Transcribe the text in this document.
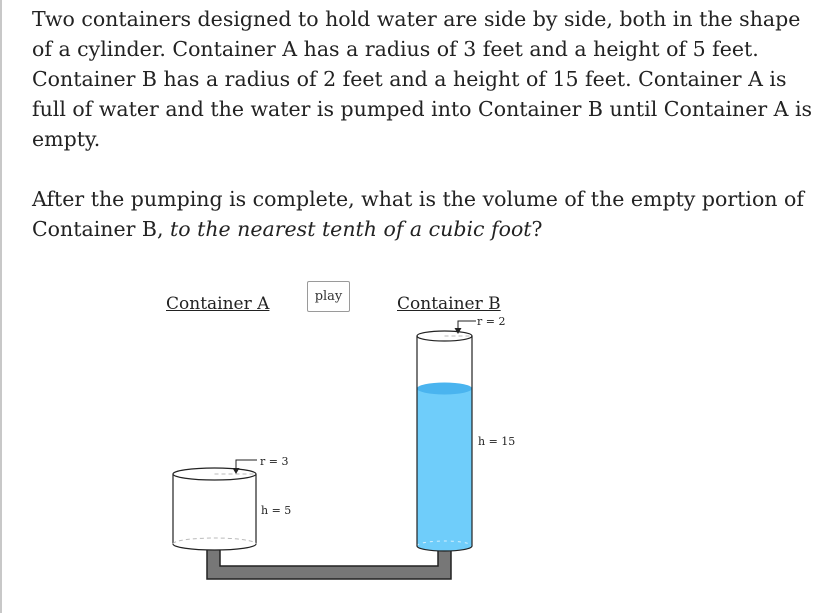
Two containers designed to hold water are side by side, both in the shape of a cylinder. Container A has a radius of 3 feet and a height of 5 feet. Container B has a radius of 2 feet and a height of 15 feet. Container A is full of water and the water is pumped into Container B until Container A is empty.

After the pumping is complete, what is the volume of the empty portion of Container B, to the nearest tenth of a cubic foot?

Container A	Container B
play
r = 3
h = 5
r = 2
h = 15
